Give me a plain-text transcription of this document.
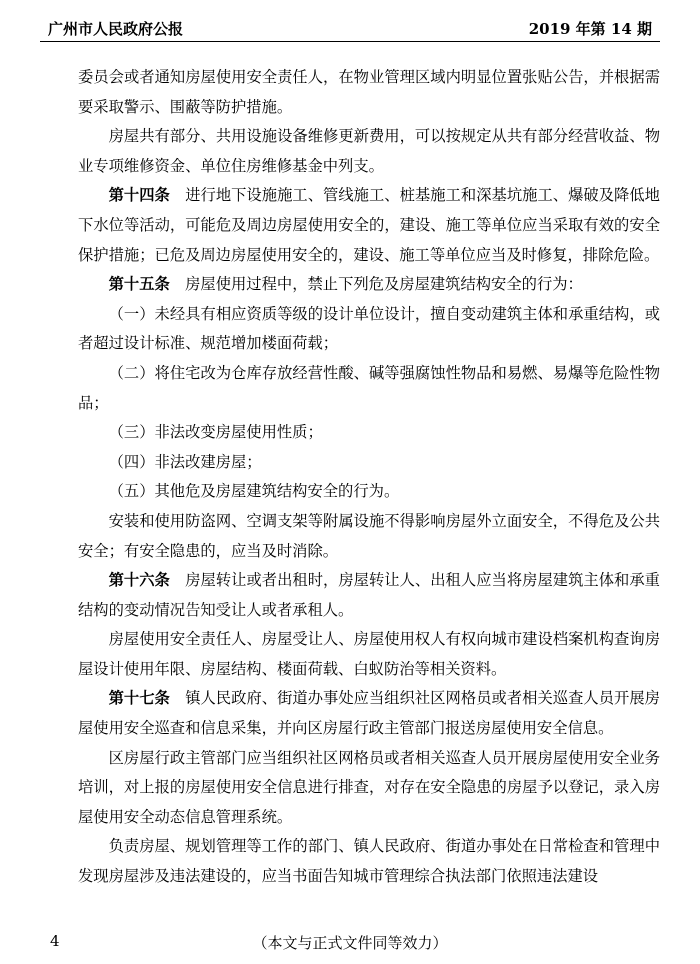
广州市人民政府公报	2019 年第 14 期

委员会或者通知房屋使用安全责任人，在物业管理区域内明显位置张贴公告，并根据需要采取警示、围蔽等防护措施。

房屋共有部分、共用设施设备维修更新费用，可以按规定从共有部分经营收益、物业专项维修资金、单位住房维修基金中列支。

第十四条　 进行地下设施施工、管线施工、桩基施工和深基坑施工、爆破及降低地下水位等活动，可能危及周边房屋使用安全的，建设、施工等单位应当采取有效的安全保护措施；已危及周边房屋使用安全的，建设、施工等单位应当及时修复，排除危险。

第十五条　 房屋使用过程中，禁止下列危及房屋建筑结构安全的行为：

（一）未经具有相应资质等级的设计单位设计，擅自变动建筑主体和承重结构，或者超过设计标准、规范增加楼面荷载；

（二）将住宅改为仓库存放经营性酸、碱等强腐蚀性物品和易燃、易爆等危险性物品；

（三）非法改变房屋使用性质；

（四）非法改建房屋；

（五）其他危及房屋建筑结构安全的行为。

安装和使用防盗网、空调支架等附属设施不得影响房屋外立面安全，不得危及公共安全；有安全隐患的，应当及时消除。

第十六条　 房屋转让或者出租时，房屋转让人、出租人应当将房屋建筑主体和承重结构的变动情况告知受让人或者承租人。

房屋使用安全责任人、房屋受让人、房屋使用权人有权向城市建设档案机构查询房屋设计使用年限、房屋结构、楼面荷载、白蚁防治等相关资料。

第十七条　 镇人民政府、街道办事处应当组织社区网格员或者相关巡查人员开展房屋使用安全巡查和信息采集，并向区房屋行政主管部门报送房屋使用安全信息。

区房屋行政主管部门应当组织社区网格员或者相关巡查人员开展房屋使用安全业务培训，对上报的房屋使用安全信息进行排查，对存在安全隐患的房屋予以登记，录入房屋使用安全动态信息管理系统。

负责房屋、规划管理等工作的部门、镇人民政府、街道办事处在日常检查和管理中发现房屋涉及违法建设的，应当书面告知城市管理综合执法部门依照违法建设

4	（本文与正式文件同等效力）
